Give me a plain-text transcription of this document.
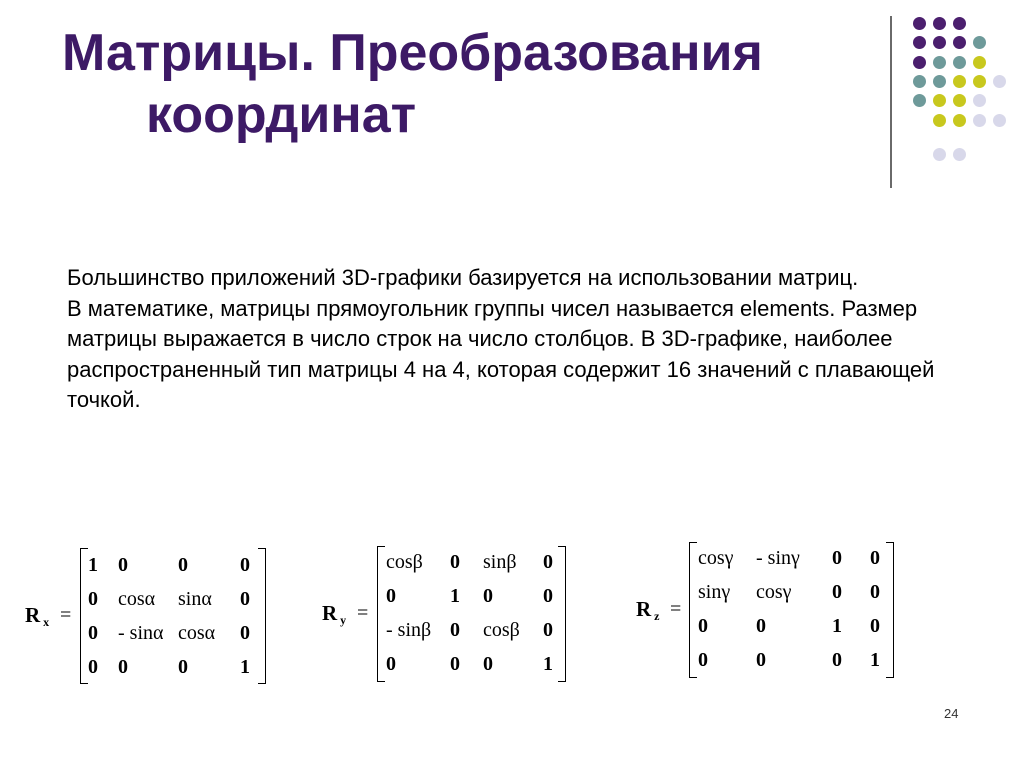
Матрицы. Преобразования
координат

Большинство приложений 3D-графики базируется на использовании матриц.

В математике, матрицы прямоугольник группы чисел называется elements. Размер матрицы выражается в число строк на число столбцов. В 3D-графике, наиболее распространенный тип матрицы 4 на 4, которая содержит 16 значений с плавающей точкой.

R $_x$ =
1 0	0	0
0 cosα sinα 0
0 - sinα cosα 0
0 0	0	1
R $_y$ =
cosβ 0 sinβ 0
0	1 0	0
- sinβ 0 cosβ 0
0	0 0	1
R $_z$ =
cosγ - sinγ 0 0
sinγ cosγ 0 0
0 0	1 0
0 0	0 1
24
